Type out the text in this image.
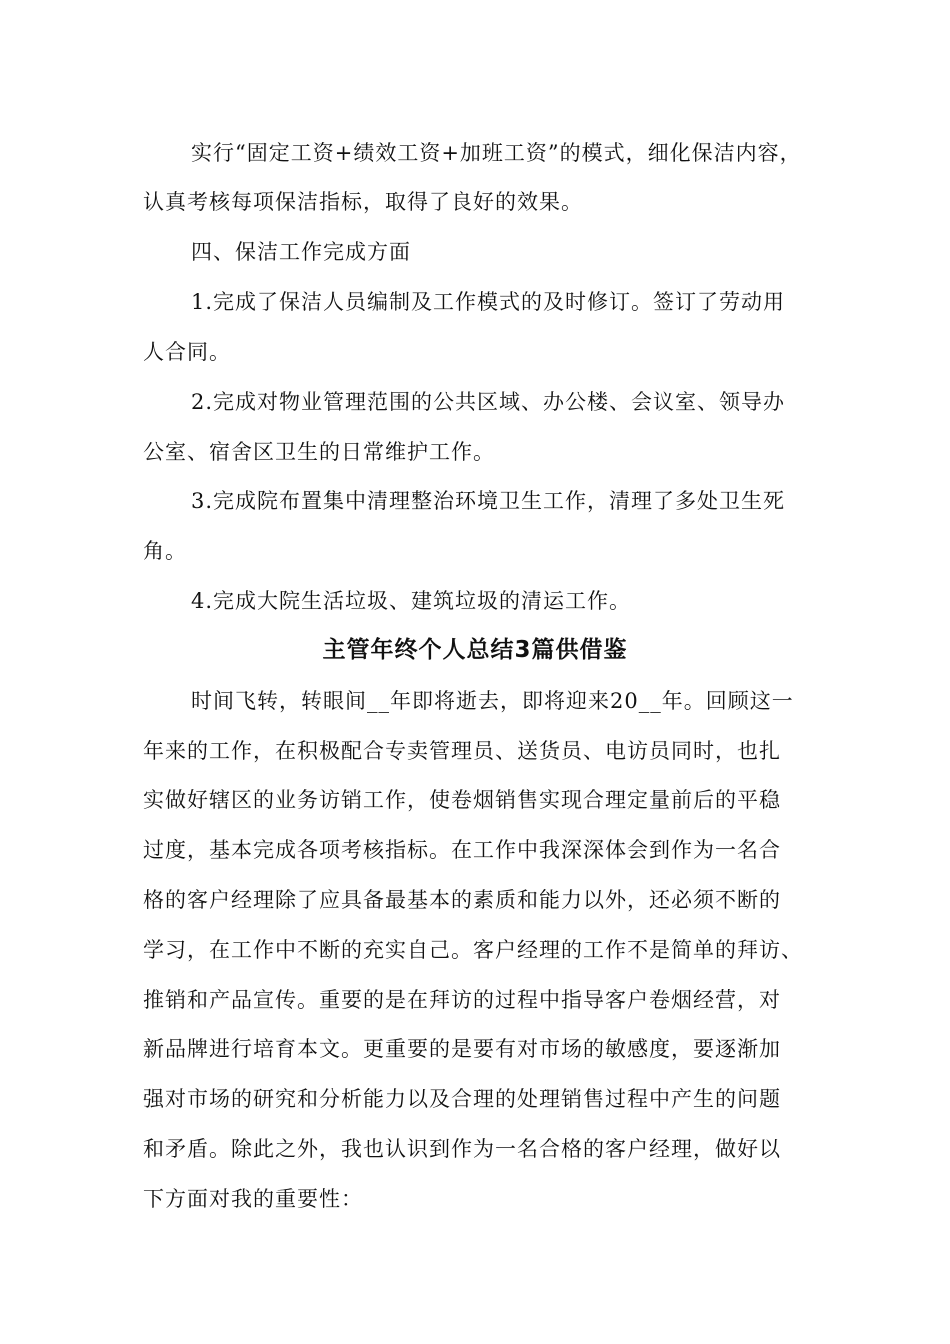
实行“固定工资+绩效工资+加班工资”的模式，细化保洁内容，
认真考核每项保洁指标，取得了良好的效果。
四、保洁工作完成方面
1.完成了保洁人员编制及工作模式的及时修订。签订了劳动用
人合同。
2.完成对物业管理范围的公共区域、办公楼、会议室、领导办
公室、宿舍区卫生的日常维护工作。
3.完成院布置集中清理整治环境卫生工作，清理了多处卫生死
角。
4.完成大院生活垃圾、建筑垃圾的清运工作。
主管年终个人总结3篇供借鉴
时间飞转，转眼间__年即将逝去，即将迎来20__年。回顾这一
年来的工作，在积极配合专卖管理员、送货员、电访员同时，也扎
实做好辖区的业务访销工作，使卷烟销售实现合理定量前后的平稳
过度，基本完成各项考核指标。在工作中我深深体会到作为一名合
格的客户经理除了应具备最基本的素质和能力以外，还必须不断的
学习，在工作中不断的充实自己。客户经理的工作不是简单的拜访、
推销和产品宣传。重要的是在拜访的过程中指导客户卷烟经营，对
新品牌进行培育本文。更重要的是要有对市场的敏感度，要逐渐加
强对市场的研究和分析能力以及合理的处理销售过程中产生的问题
和矛盾。除此之外，我也认识到作为一名合格的客户经理，做好以
下方面对我的重要性：
